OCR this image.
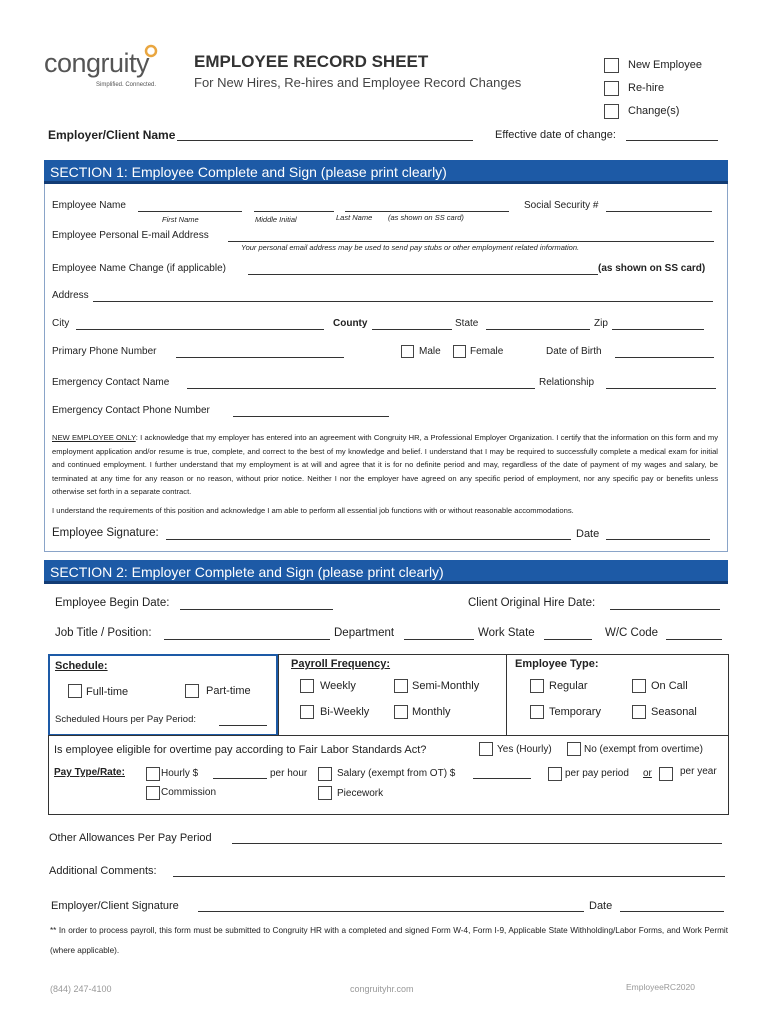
congruity
Simplified. Connected.
EMPLOYEE RECORD SHEET
For New Hires, Re-hires and Employee Record Changes
New Employee
Re-hire
Change(s)
Employer/Client Name	Effective date of change:
SECTION 1: Employee Complete and Sign (please print clearly)
Employee Name	Social Security #
First Name	Middle Initial	Last Name (as shown on SS card)
Employee Personal E-mail Address
Your personal email address may be used to send pay stubs or other employment related information.
Employee Name Change (if applicable)	(as shown on SS card)
Address
City	County	State	Zip
Primary Phone Number	Male	Female	Date of Birth
Emergency Contact Name	Relationship
Emergency Contact Phone Number
NEW EMPLOYEE ONLY: I acknowledge that my employer has entered into an agreement with Congruity HR, a Professional Employer Organization. I certify that the information on this form and my employment application and/or resume is true, complete, and correct to the best of my knowledge and belief. I understand that I may be required to successfully complete a medical exam for initial and continued employment. I further understand that my employment is at will and agree that it is for no definite period and may, regardless of the date of payment of my wages and salary, be terminated at any time for any reason or no reason, without prior notice. Neither I nor the employer have agreed on any specific period of employment, nor any specific pay or benefits unless otherwise set forth in a separate contract.
I understand the requirements of this position and acknowledge I am able to perform all essential job functions with or without reasonable accommodations.
Employee Signature:	Date
SECTION 2: Employer Complete and Sign (please print clearly)
Employee Begin Date:	Client Original Hire Date:
Job Title / Position:	Department	Work State	W/C Code
Schedule:
Full-time	Part-time
Scheduled Hours per Pay Period:
Payroll Frequency:
Weekly	Semi-Monthly
Bi-Weekly	Monthly
Employee Type:
Regular	On Call
Temporary	Seasonal
Is employee eligible for overtime pay according to Fair Labor Standards Act?	Yes (Hourly)	No (exempt from overtime)
Pay Type/Rate:	Hourly $	per hour	Salary (exempt from OT) $	per pay period or	per year
Commission	Piecework
Other Allowances Per Pay Period
Additional Comments:
Employer/Client Signature	Date
** In order to process payroll, this form must be submitted to Congruity HR with a completed and signed Form W-4, Form I-9, Applicable State Withholding/Labor Forms, and Work Permit (where applicable).
(844) 247-4100	congruityhr.com	EmployeeRC2020
